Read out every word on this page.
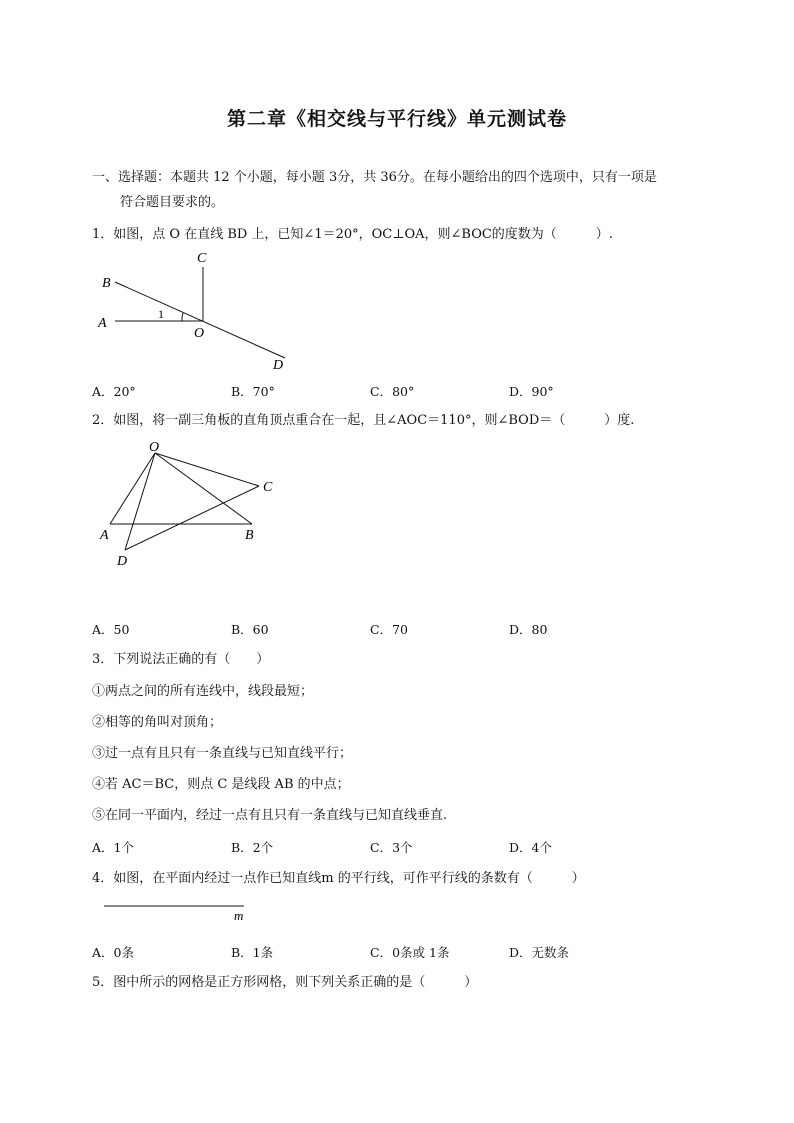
第二章《相交线与平行线》单元测试卷
一、选择题：本题共 12 个小题，每小题 3分，共 36分。在每小题给出的四个选项中，只有一项是
符合题目要求的。
1．如图，点 O 在直线 BD 上，已知∠1＝20°，OC⊥OA，则∠BOC的度数为（　　　）.
B
A
C
O
D
1
A．20°	B．70°	C．80°	D．90°
2．如图，将一副三角板的直角顶点重合在一起，且∠AOC＝110°，则∠BOD＝（　　　）度.
O
C
A	B
D
A．50	B．60	C．70	D．80
3．下列说法正确的有（　　）
①两点之间的所有连线中，线段最短；
②相等的角叫对顶角；
③过一点有且只有一条直线与已知直线平行；
④若 AC＝BC，则点 C 是线段 AB 的中点；
⑤在同一平面内，经过一点有且只有一条直线与已知直线垂直.
A．1个	B．2个	C．3个	D．4个
4．如图，在平面内经过一点作已知直线m 的平行线，可作平行线的条数有（　　　）
m
A．0条	B．1条	C．0条或 1条	D．无数条
5．图中所示的网格是正方形网格，则下列关系正确的是（　　　）
